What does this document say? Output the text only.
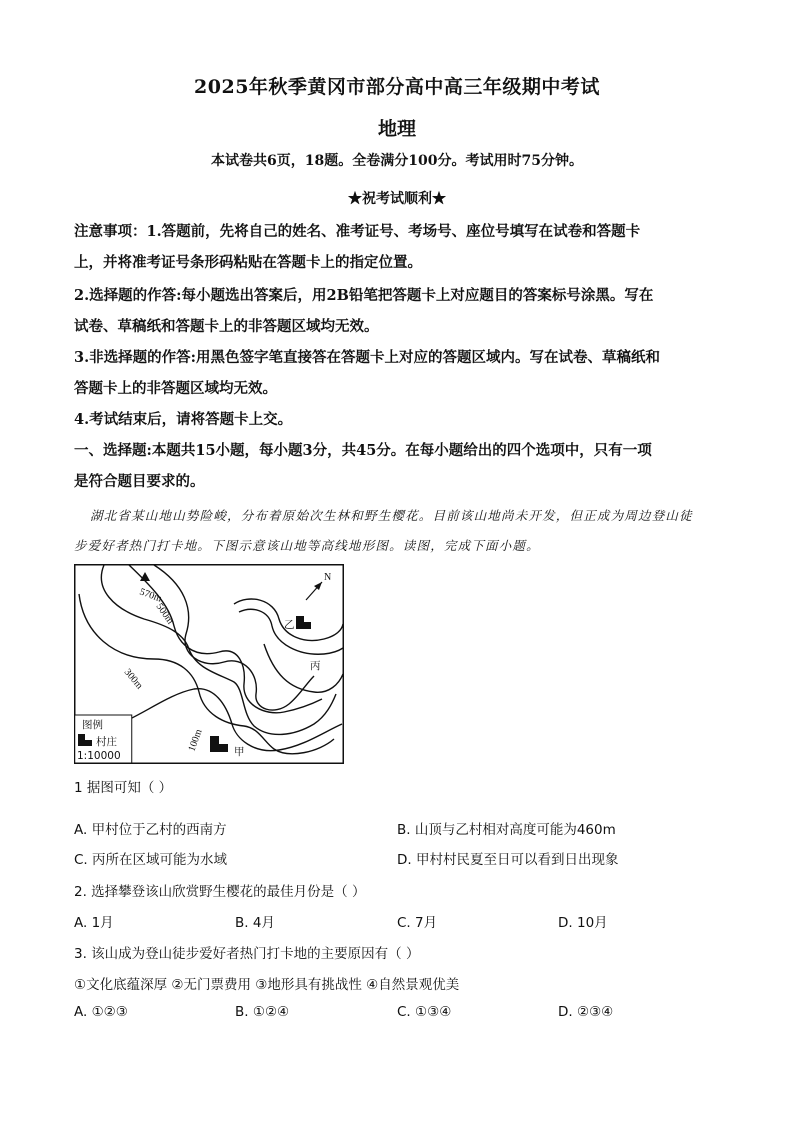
2025年秋季黄冈市部分高中高三年级期中考试
地理
本试卷共6页，18题。全卷满分100分。考试用时75分钟。
★祝考试顺利★
注意事项：1.答题前，先将自己的姓名、准考证号、考场号、座位号填写在试卷和答题卡
上，并将准考证号条形码粘贴在答题卡上的指定位置。
2.选择题的作答:每小题选出答案后，用2B铅笔把答题卡上对应题目的答案标号涂黑。写在
试卷、草稿纸和答题卡上的非答题区域均无效。
3.非选择题的作答:用黑色签字笔直接答在答题卡上对应的答题区域内。写在试卷、草稿纸和
答题卡上的非答题区域均无效。
4.考试结束后，请将答题卡上交。
一、选择题:本题共15小题，每小题3分，共45分。在每小题给出的四个选项中，只有一项
是符合题目要求的。
湖北省某山地山势险峻，分布着原始次生林和野生樱花。目前该山地尚未开发，但正成为周边登山徒
步爱好者热门打卡地。下图示意该山地等高线地形图。读图，完成下面小题。
570m
500m
300m
100m
N
乙
丙
甲
图例
村庄
1:10000
1 据图可知（ ）
A. 甲村位于乙村的西南方	B. 山顶与乙村相对高度可能为460m
C. 丙所在区域可能为水域	D. 甲村村民夏至日可以看到日出现象
2. 选择攀登该山欣赏野生樱花的最佳月份是（ ）
A. 1月	B. 4月	C. 7月	D. 10月
3. 该山成为登山徒步爱好者热门打卡地的主要原因有（ ）
①文化底蕴深厚 ②无门票费用 ③地形具有挑战性 ④自然景观优美
A. ①②③	B. ①②④	C. ①③④	D. ②③④
